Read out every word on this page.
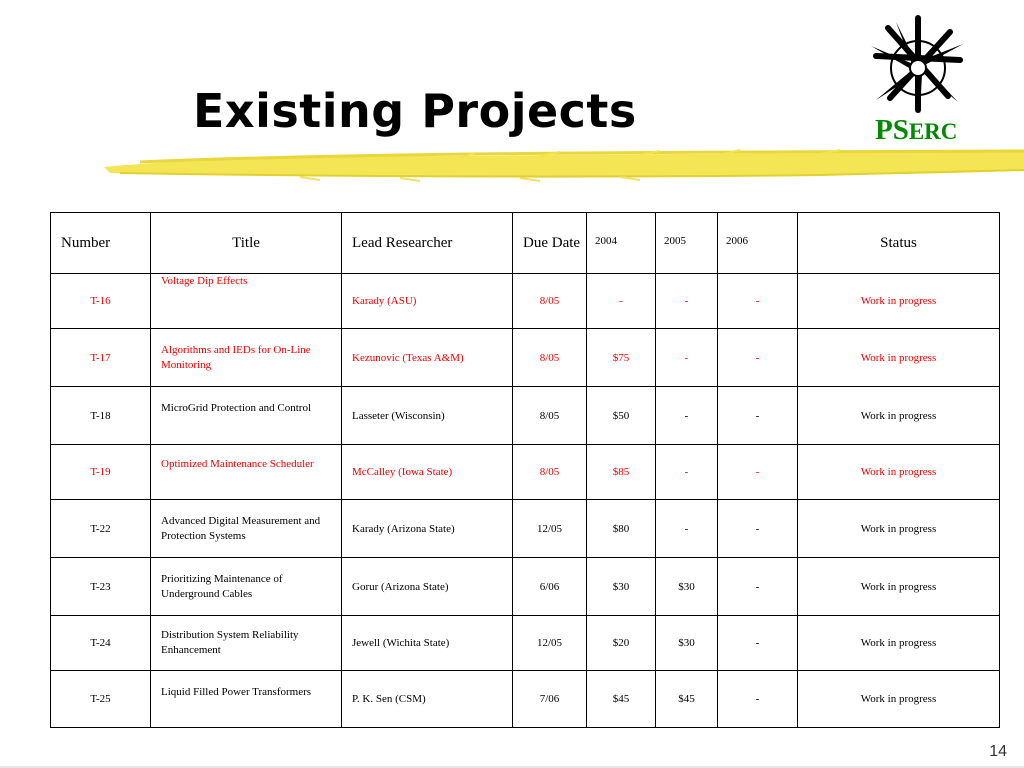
Existing Projects	PSERC
Number	Title	Lead Researcher	Due Date	2004	2005	2006	Status
T-16	Voltage Dip Effects	Karady (ASU)	8/05	-	-	-	Work in progress
T-17	Algorithms and IEDs for On-Line Monitoring	Kezunovic (Texas A&M)	8/05	$75	-	-	Work in progress
T-18	MicroGrid Protection and Control	Lasseter (Wisconsin)	8/05	$50	-	-	Work in progress
T-19	Optimized Maintenance Scheduler	McCalley (Iowa State)	8/05	$85	-	-	Work in progress
T-22	Advanced Digital Measurement and Protection Systems	Karady (Arizona State)	12/05	$80	-	-	Work in progress
T-23	Prioritizing Maintenance of Underground Cables	Gorur (Arizona State)	6/06	$30	$30	-	Work in progress
T-24	Distribution System Reliability Enhancement	Jewell (Wichita State)	12/05	$20	$30	-	Work in progress
T-25	Liquid Filled Power Transformers	P. K. Sen (CSM)	7/06	$45	$45	-	Work in progress
14
